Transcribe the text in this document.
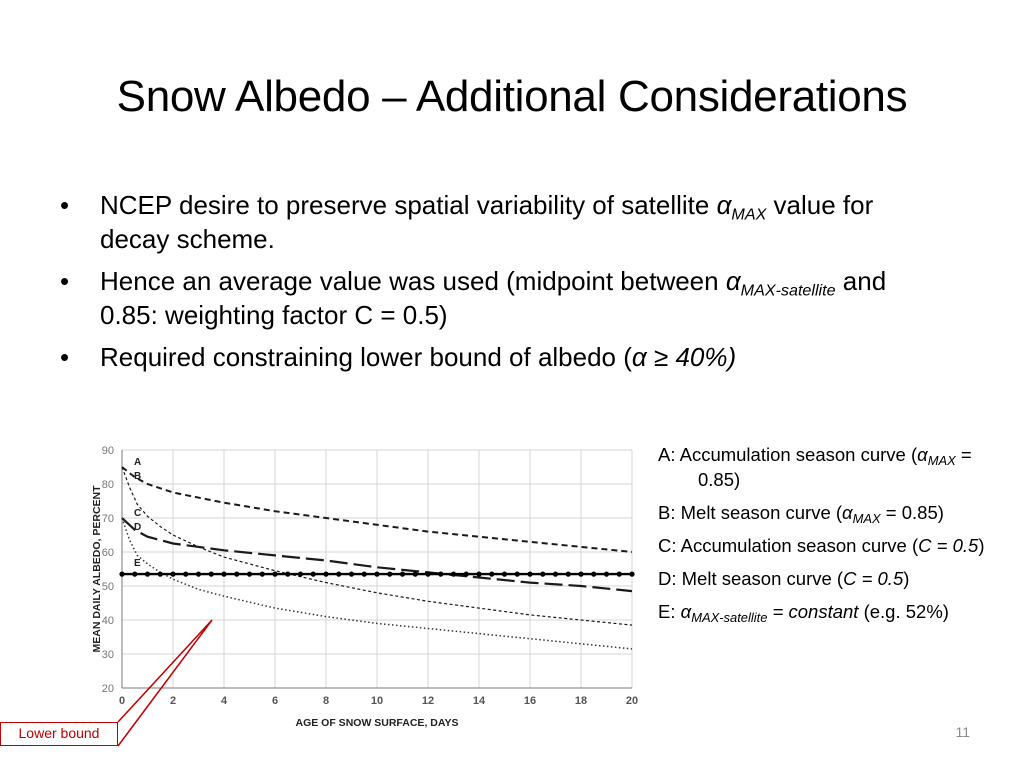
Snow Albedo – Additional Considerations
• NCEP desire to preserve spatial variability of satellite $\alpha_{MAX}$ value for decay scheme.
• Hence an average value was used (midpoint between $\alpha_{MAX-satellite}$ and 0.85: weighting factor C = 0.5)
• Required constraining lower bound of albedo (α ≥ 40%)
20
30
40
50
60
70
80
90
0	2	4	6	8	10	12	14	16	18	20
AGE OF SNOW SURFACE, DAYS
MEAN DAILY ALBEDO, PERCENT
A
B
C
D
E
A: Accumulation season curve $(\alpha_{MAX} = 0.85)$
B: Melt season curve $(\alpha_{MAX} = 0.85)$
C: Accumulation season curve (C = 0.5)
D: Melt season curve (C = 0.5)
E: $\alpha_{MAX-satellite}$ = constant (e.g. 52%)
Lower bound	11
